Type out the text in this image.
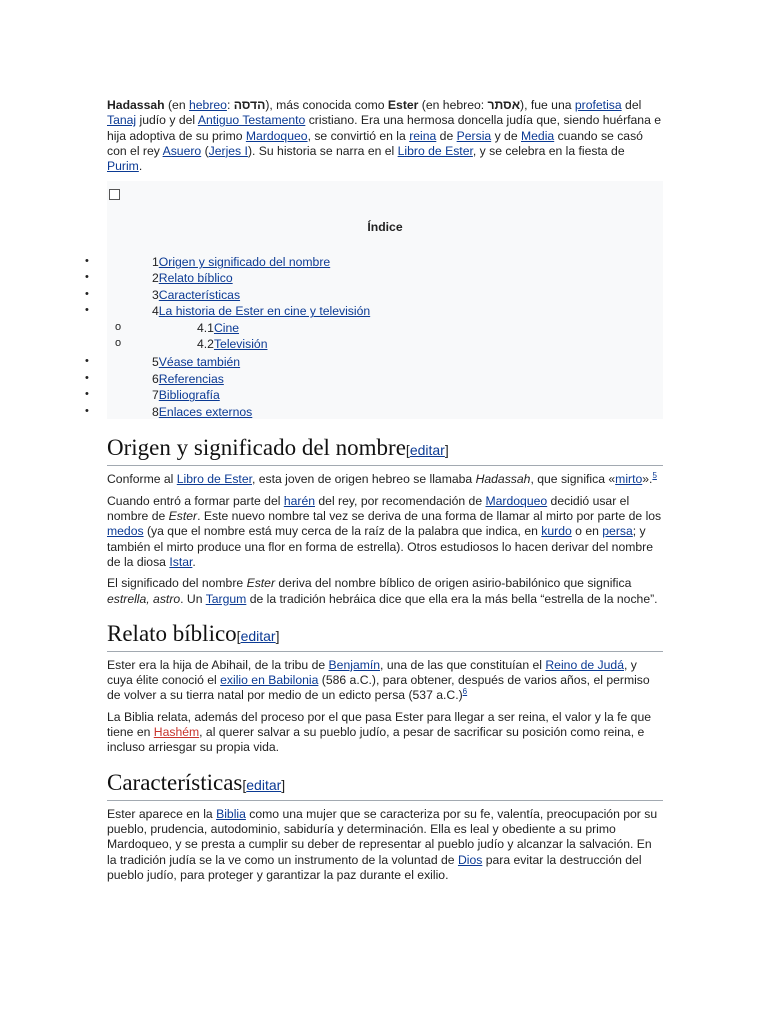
Hadassah (en hebreo: הדסה), más conocida como Ester (en hebreo: אסתר), fue una profetisa del Tanaj judío y del Antiguo Testamento cristiano. Era una hermosa doncella judía que, siendo huérfana e hija adoptiva de su primo Mardoqueo, se convirtió en la reina de Persia y de Media cuando se casó con el rey Asuero (Jerjes I). Su historia se narra en el Libro de Ester, y se celebra en la fiesta de Purim.

Índice
•	1Origen y significado del nombre
•	2Relato bíblico
•	3Características
•	4La historia de Ester en cine y televisión
o	4.1Cine
o	4.2Televisión
•	5Véase también
•	6Referencias
•	7Bibliografía
•	8Enlaces externos
Origen y significado del nombre[editar]

Conforme al Libro de Ester, esta joven de origen hebreo se llamaba Hadassah, que significa «mirto».$^5$

Cuando entró a formar parte del harén del rey, por recomendación de Mardoqueo decidió usar el nombre de Ester. Este nuevo nombre tal vez se deriva de una forma de llamar al mirto por parte de los medos (ya que el nombre está muy cerca de la raíz de la palabra que indica, en kurdo o en persa; y también el mirto produce una flor en forma de estrella). Otros estudiosos lo hacen derivar del nombre de la diosa Istar.

El significado del nombre Ester deriva del nombre bíblico de origen asirio-babilónico que significa estrella, astro. Un Targum de la tradición hebráica dice que ella era la más bella “estrella de la noche”.

Relato bíblico[editar]

Ester era la hija de Abihail, de la tribu de Benjamín, una de las que constituían el Reino de Judá, y cuya élite conoció el exilio en Babilonia (586 a.C.), para obtener, después de varios años, el permiso de volver a su tierra natal por medio de un edicto persa (537 a.C.)$^6$

La Biblia relata, además del proceso por el que pasa Ester para llegar a ser reina, el valor y la fe que tiene en Hashém, al querer salvar a su pueblo judío, a pesar de sacrificar su posición como reina, e incluso arriesgar su propia vida.

Características[editar]

Ester aparece en la Biblia como una mujer que se caracteriza por su fe, valentía, preocupación por su pueblo, prudencia, autodominio, sabiduría y determinación. Ella es leal y obediente a su primo Mardoqueo, y se presta a cumplir su deber de representar al pueblo judío y alcanzar la salvación. En la tradición judía se la ve como un instrumento de la voluntad de Dios para evitar la destrucción del pueblo judío, para proteger y garantizar la paz durante el exilio.
